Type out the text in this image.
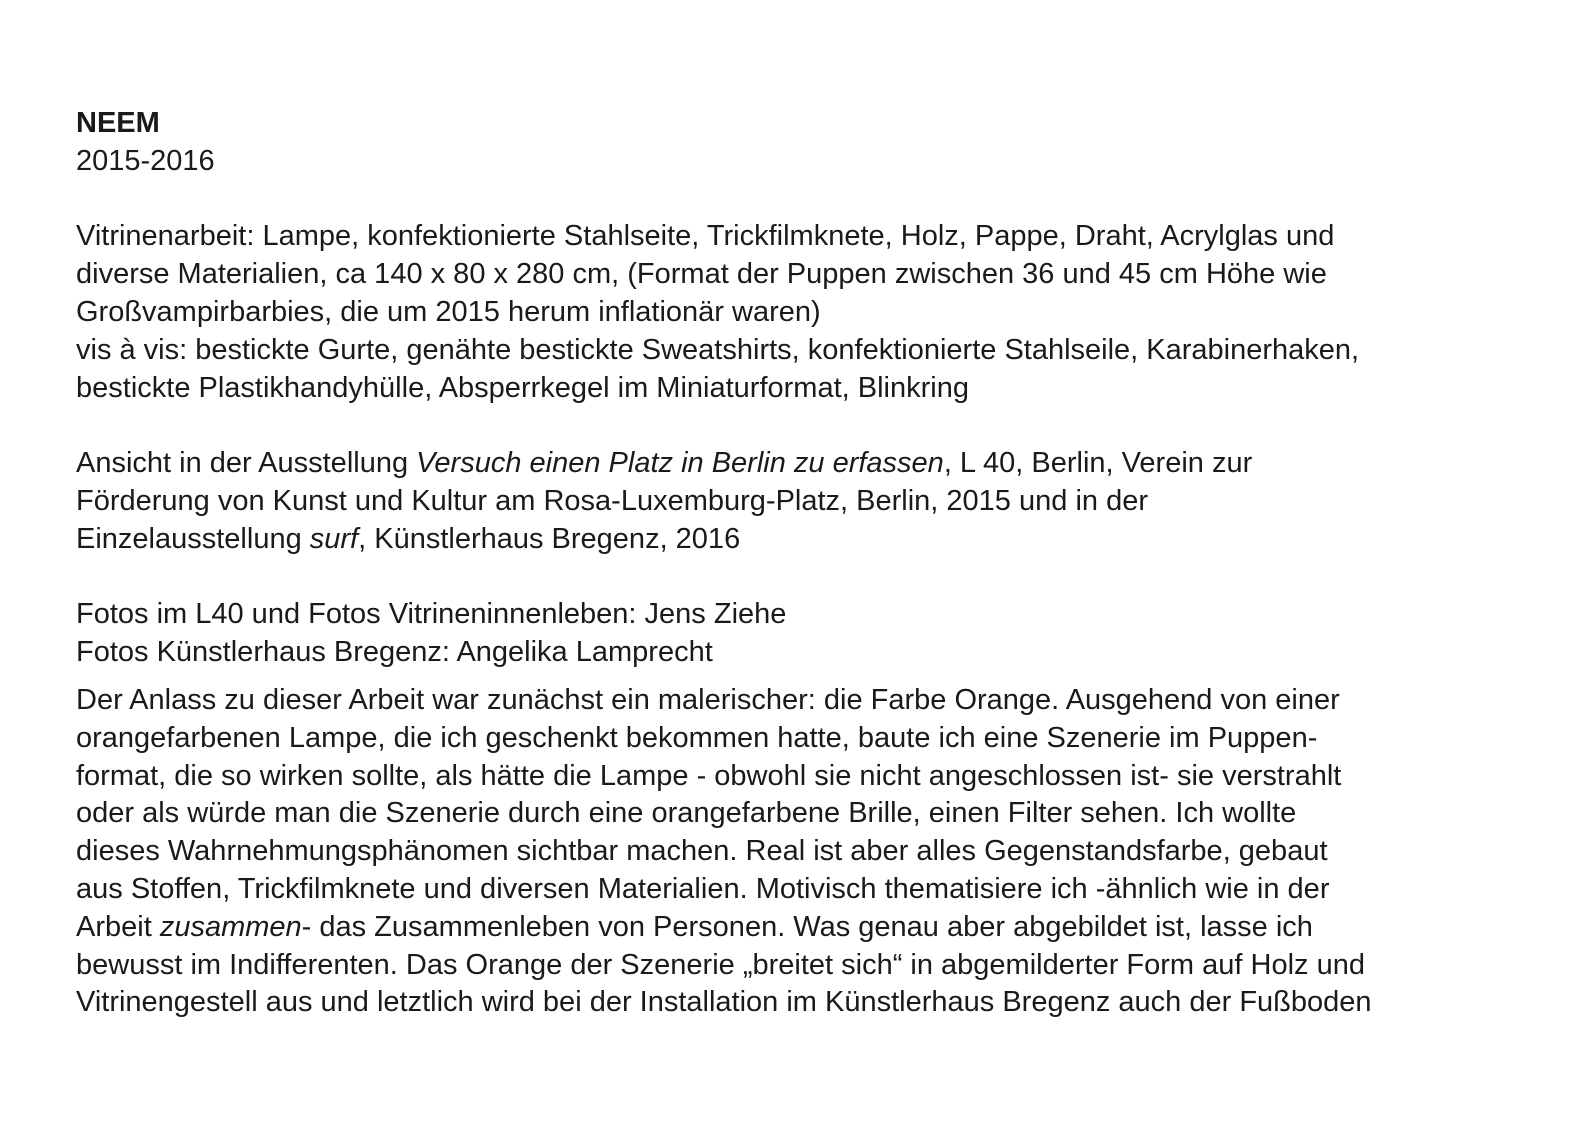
NEEM
2015-2016
Vitrinenarbeit: Lampe, konfektionierte Stahlseite, Trickfilmknete, Holz, Pappe, Draht, Acrylglas und
diverse Materialien, ca 140 x 80 x 280 cm, (Format der Puppen zwischen 36 und 45 cm Höhe wie
Großvampirbarbies, die um 2015 herum inflationär waren)
vis à vis: bestickte Gurte, genähte bestickte Sweatshirts, konfektionierte Stahlseile, Karabinerhaken,
bestickte Plastikhandyhülle, Absperrkegel im Miniaturformat, Blinkring
Ansicht in der Ausstellung Versuch einen Platz in Berlin zu erfassen, L 40, Berlin, Verein zur
Förderung von Kunst und Kultur am Rosa-Luxemburg-Platz, Berlin, 2015 und in der
Einzelausstellung surf, Künstlerhaus Bregenz, 2016
Fotos im L40 und Fotos Vitrineninnenleben: Jens Ziehe
Fotos Künstlerhaus Bregenz: Angelika Lamprecht
Der Anlass zu dieser Arbeit war zunächst ein malerischer: die Farbe Orange. Ausgehend von einer
orangefarbenen Lampe, die ich geschenkt bekommen hatte, baute ich eine Szenerie im Puppen-
format, die so wirken sollte, als hätte die Lampe - obwohl sie nicht angeschlossen ist- sie verstrahlt
oder als würde man die Szenerie durch eine orangefarbene Brille, einen Filter sehen. Ich wollte
dieses Wahrnehmungsphänomen sichtbar machen. Real ist aber alles Gegenstandsfarbe, gebaut
aus Stoffen, Trickfilmknete und diversen Materialien. Motivisch thematisiere ich -ähnlich wie in der
Arbeit zusammen- das Zusammenleben von Personen. Was genau aber abgebildet ist, lasse ich
bewusst im Indifferenten. Das Orange der Szenerie „breitet sich“ in abgemilderter Form auf Holz und
Vitrinengestell aus und letztlich wird bei der Installation im Künstlerhaus Bregenz auch der Fußboden
